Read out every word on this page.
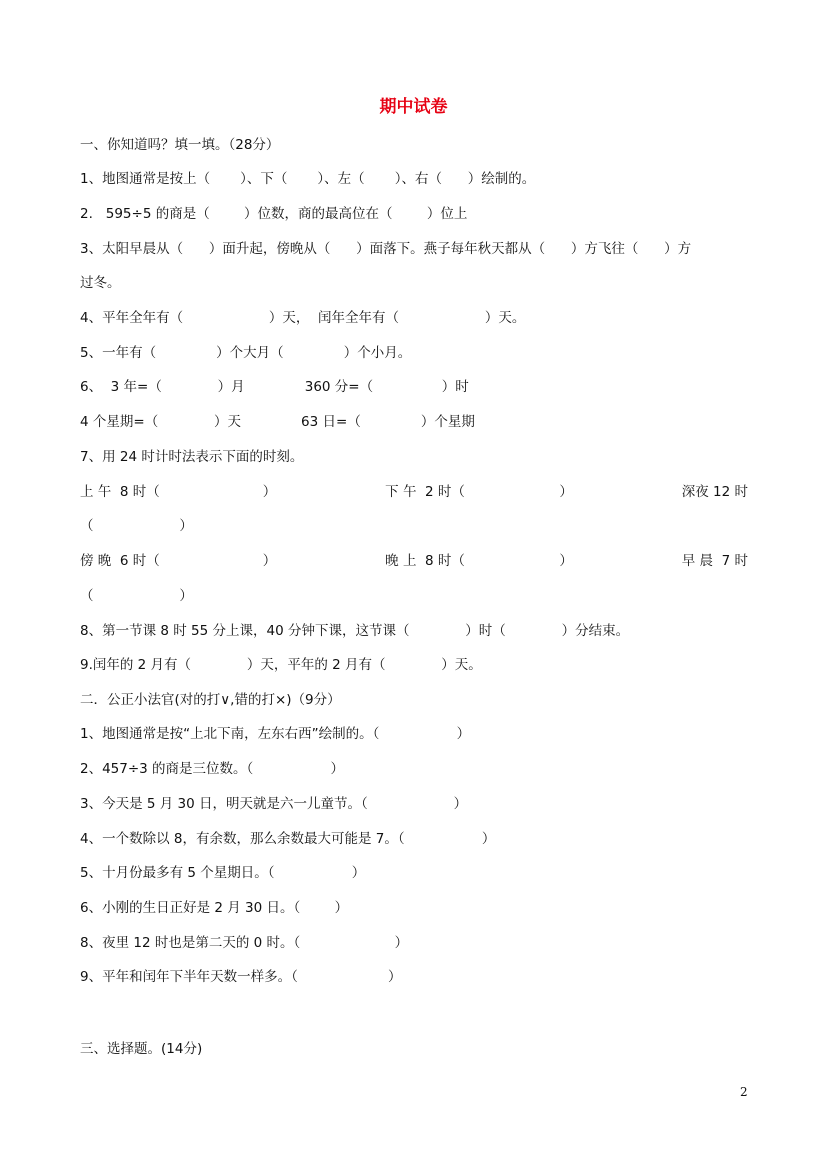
期中试卷
一、你知道吗？填一填。（28分）
1、地图通常是按上（       ）、下（       ）、左（       ）、右（      ）绘制的。
2.   595÷5 的商是（        ）位数，商的最高位在（        ）位上
3、太阳早晨从（      ）面升起，傍晚从（      ）面落下。燕子每年秋天都从（      ）方飞往（      ）方
过冬。
4、平年全年有（                    ）天，  闰年全年有（                    ）天。
5、一年有（              ）个大月（              ）个小月。
6、  3 年=（             ）月              360 分=（                ）时
4 个星期=（             ）天              63 日=（              ）个星期
7、用 24 时计时法表示下面的时刻。
上 午  8 时（                        ）	下 午  2 时（                      ）	深夜 12 时
（                    ）
傍 晚  6 时（                        ）	晚 上  8 时（                      ）	早 晨  7 时
（                    ）
8、第一节课 8 时 55 分上课，40 分钟下课，这节课（             ）时（             ）分结束。
9.闰年的 2 月有（             ）天，平年的 2 月有（             ）天。
二．公正小法官(对的打∨,错的打×)（9分）
1、地图通常是按“上北下南，左东右西”绘制的。（                  ）
2、457÷3 的商是三位数。（                  ）
3、今天是 5 月 30 日，明天就是六一儿童节。（                    ）
4、一个数除以 8，有余数，那么余数最大可能是 7。（                  ）
5、十月份最多有 5 个星期日。（                  ）
6、小刚的生日正好是 2 月 30 日。（        ）
8、夜里 12 时也是第二天的 0 时。（                      ）
9、平年和闰年下半年天数一样多。（                     ）
三、选择题。(14分)
2
